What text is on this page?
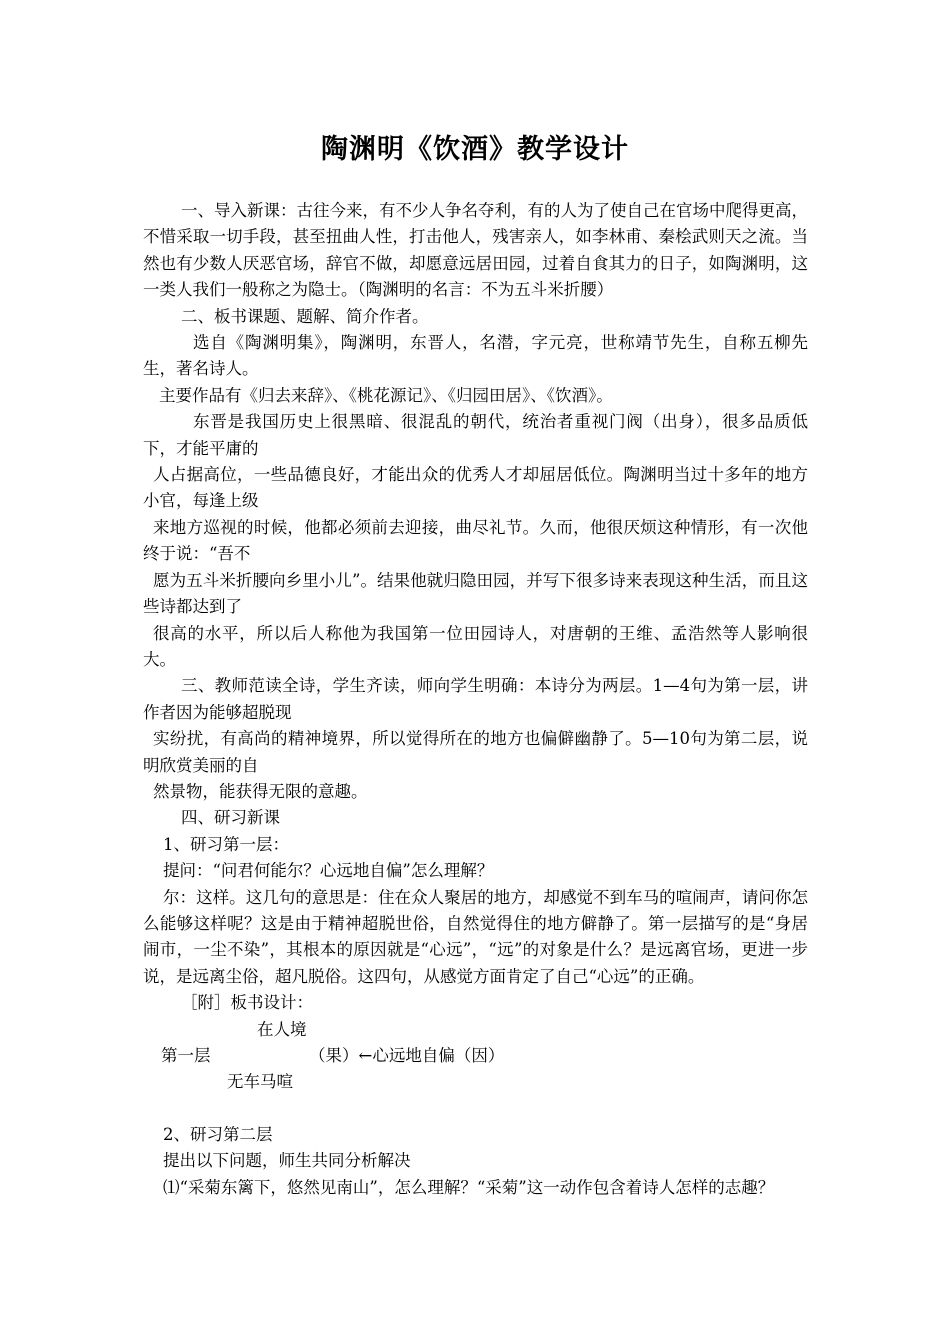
陶渊明《饮酒》教学设计

一、导入新课：古往今来，有不少人争名夺利，有的人为了使自己在官场中爬得更高，不惜采取一切手段，甚至扭曲人性，打击他人，残害亲人，如李林甫、秦桧武则天之流。当然也有少数人厌恶官场，辞官不做，却愿意远居田园，过着自食其力的日子，如陶渊明，这一类人我们一般称之为隐士。（陶渊明的名言：不为五斗米折腰）

二、板书课题、题解、简介作者。

选自《陶渊明集》，陶渊明，东晋人，名潜，字元亮，世称靖节先生，自称五柳先生，著名诗人。

主要作品有《归去来辞》、《桃花源记》、《归园田居》、《饮酒》。

东晋是我国历史上很黑暗、很混乱的朝代，统治者重视门阀（出身），很多品质低下，才能平庸的

人占据高位，一些品德良好，才能出众的优秀人才却屈居低位。陶渊明当过十多年的地方小官，每逢上级

来地方巡视的时候，他都必须前去迎接，曲尽礼节。久而，他很厌烦这种情形，有一次他终于说：“吾不

愿为五斗米折腰向乡里小儿”。结果他就归隐田园，并写下很多诗来表现这种生活，而且这些诗都达到了

很高的水平，所以后人称他为我国第一位田园诗人，对唐朝的王维、孟浩然等人影响很大。

三、教师范读全诗，学生齐读，师向学生明确：本诗分为两层。1—4句为第一层，讲作者因为能够超脱现

实纷扰，有高尚的精神境界，所以觉得所在的地方也偏僻幽静了。5—10句为第二层，说明欣赏美丽的自

然景物，能获得无限的意趣。

四、研习新课

1、研习第一层：

提问：“问君何能尔？心远地自偏”怎么理解？

尔：这样。这几句的意思是：住在众人聚居的地方，却感觉不到车马的喧闹声，请问你怎么能够这样呢？这是由于精神超脱世俗，自然觉得住的地方僻静了。第一层描写的是“身居闹市，一尘不染”，其根本的原因就是“心远”，“远”的对象是什么？是远离官场，更进一步说，是远离尘俗，超凡脱俗。这四句，从感觉方面肯定了自己“心远”的正确。

［附］板书设计：

在人境
第一层	（果）←心远地自偏（因）
无车马喧

2、研习第二层

提出以下问题，师生共同分析解决

⑴“采菊东篱下，悠然见南山”，怎么理解？“采菊”这一动作包含着诗人怎样的志趣？
